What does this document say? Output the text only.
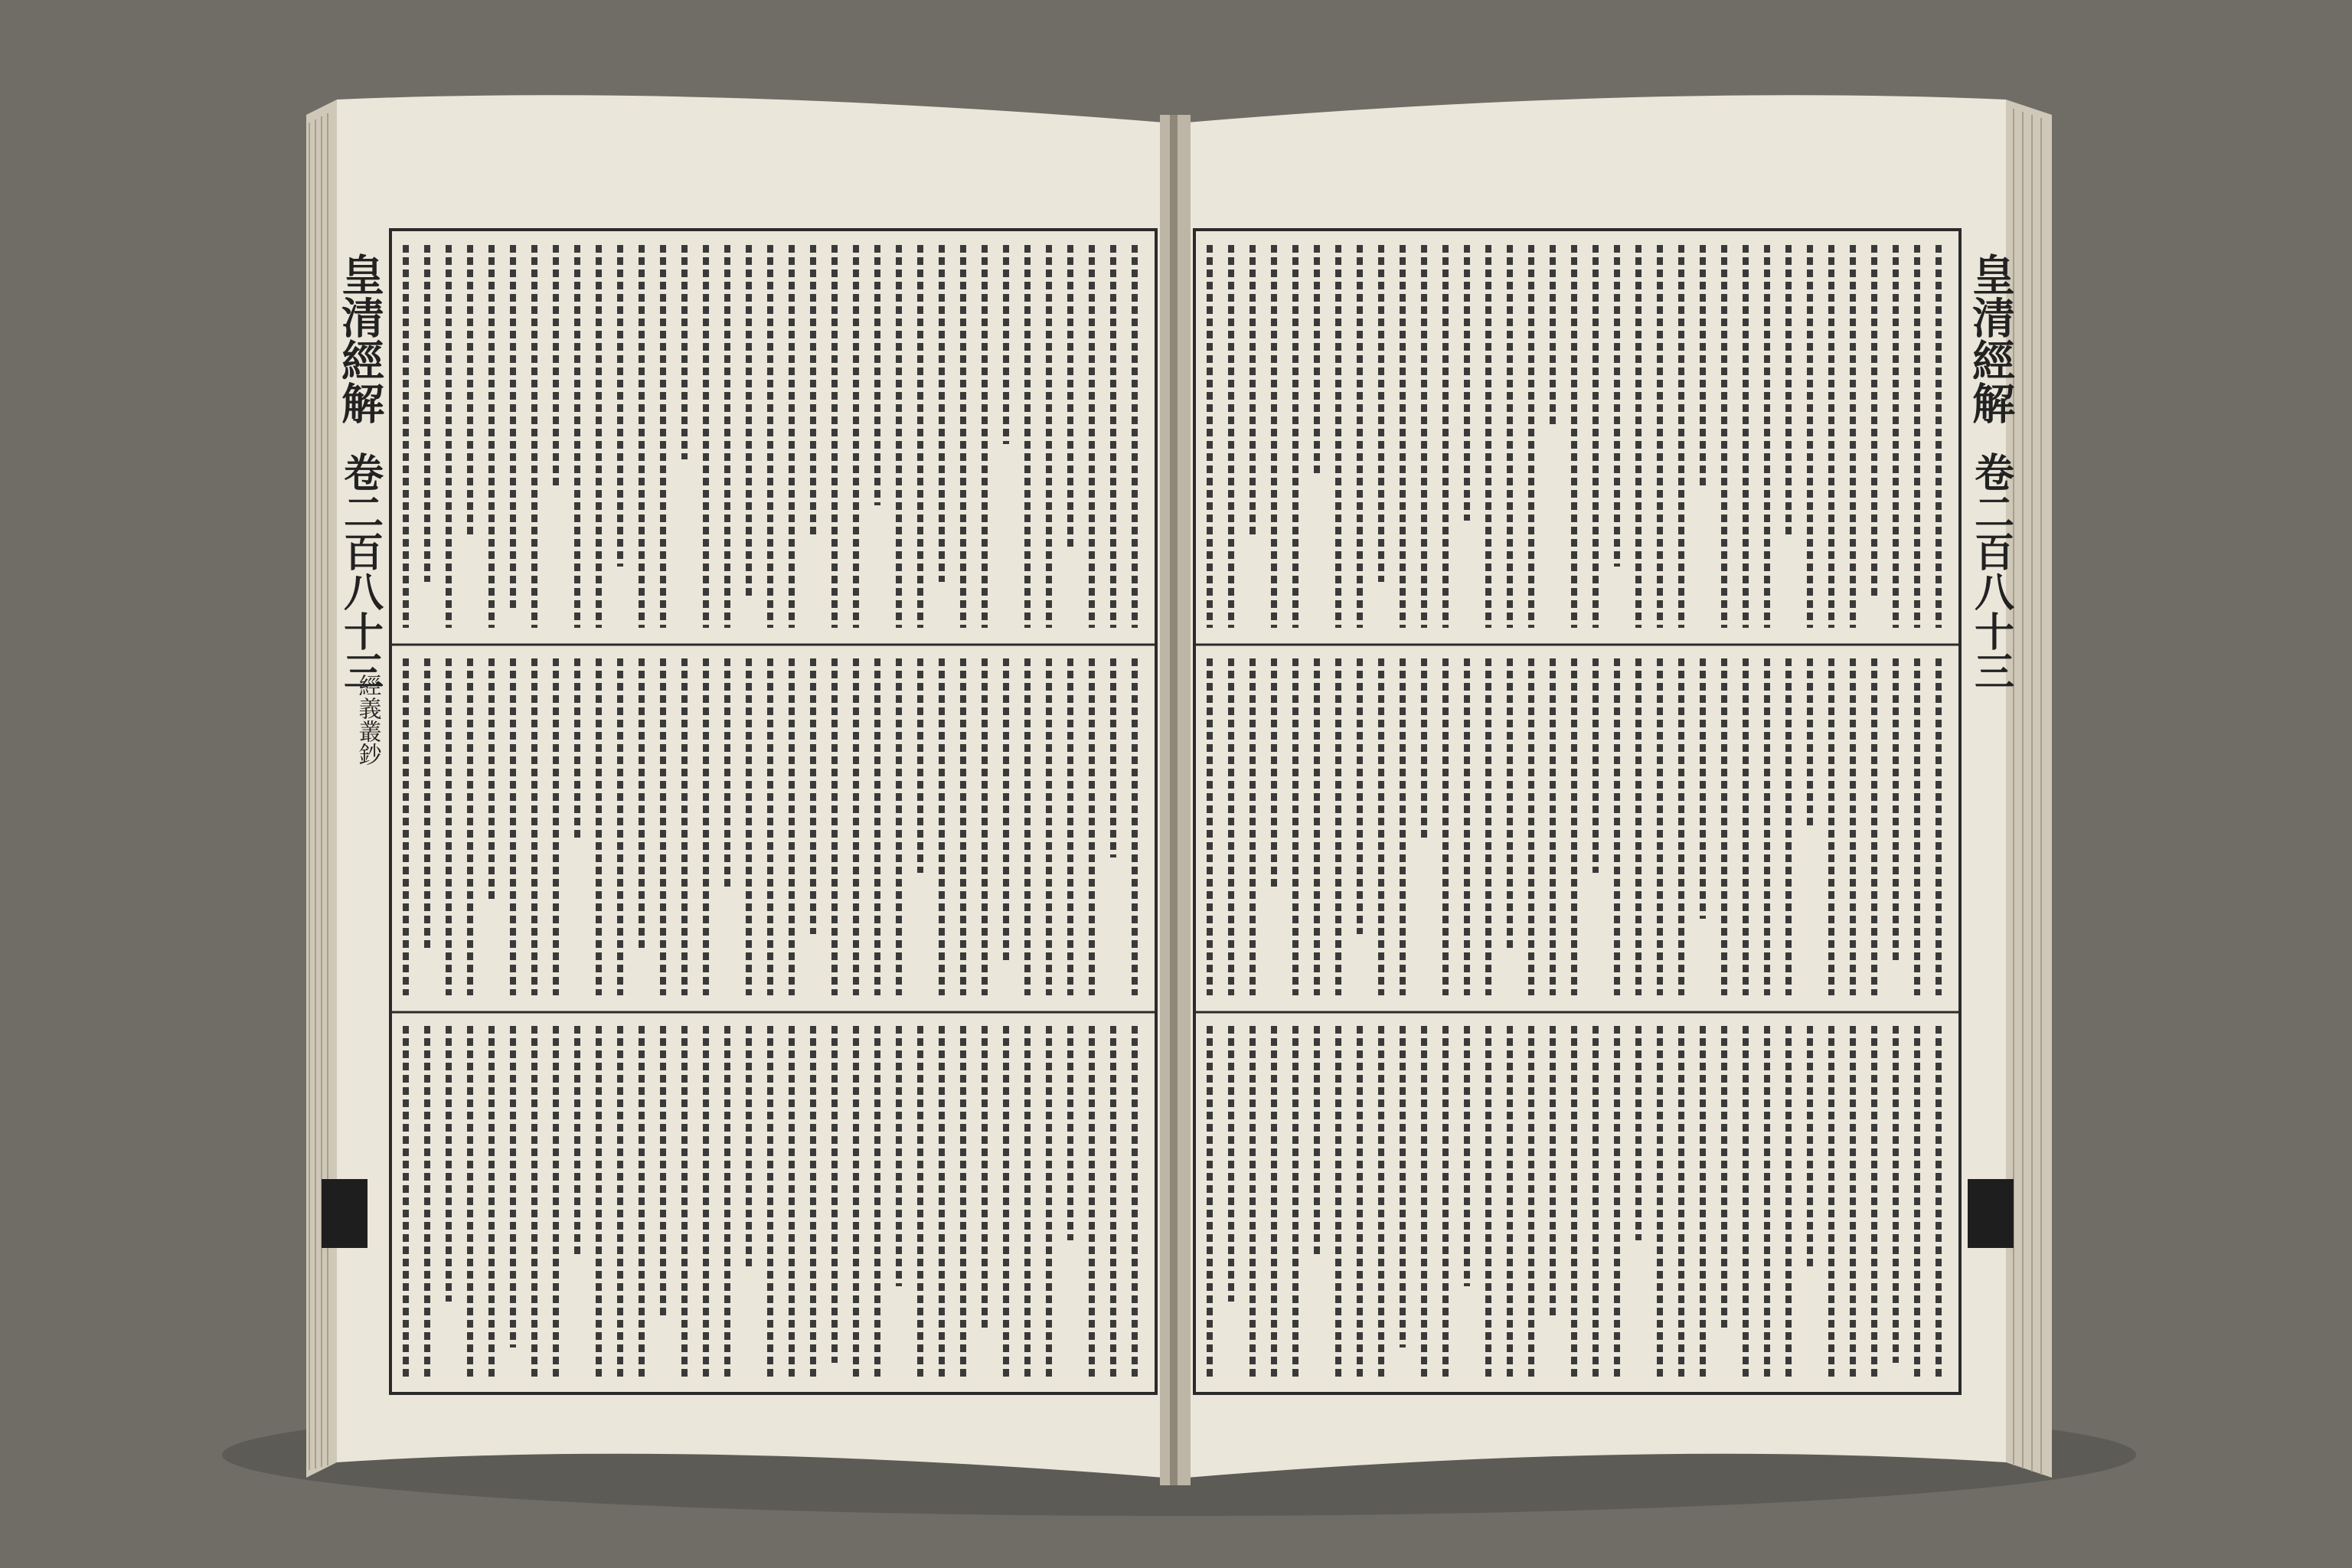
皇清經解
卷二百八十三
經義叢鈔
皇清經解
卷二百八十三
